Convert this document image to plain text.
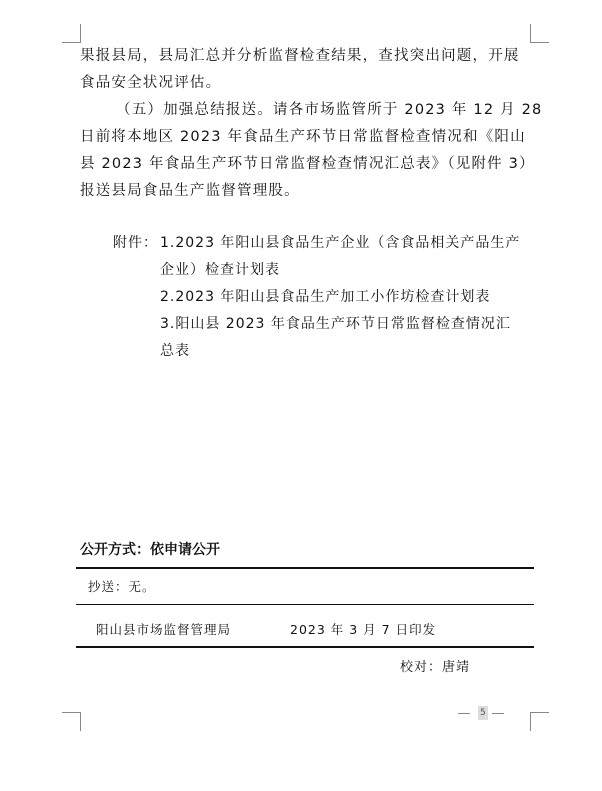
果报县局，县局汇总并分析监督检查结果，查找突出问题，开展
食品安全状况评估。
（五）加强总结报送。请各市场监管所于 2023 年 12 月 28
日前将本地区 2023 年食品生产环节日常监督检查情况和《阳山
县 2023 年食品生产环节日常监督检查情况汇总表》（见附件 3）
报送县局食品生产监督管理股。
附件： 1.2023 年阳山县食品生产企业（含食品相关产品生产
企业）检查计划表
2.2023 年阳山县食品生产加工小作坊检查计划表
3.阳山县 2023 年食品生产环节日常监督检查情况汇
总表
公开方式：依申请公开
抄送：无。
阳山县市场监督管理局	2023 年 3 月 7 日印发
校对：唐靖
5
